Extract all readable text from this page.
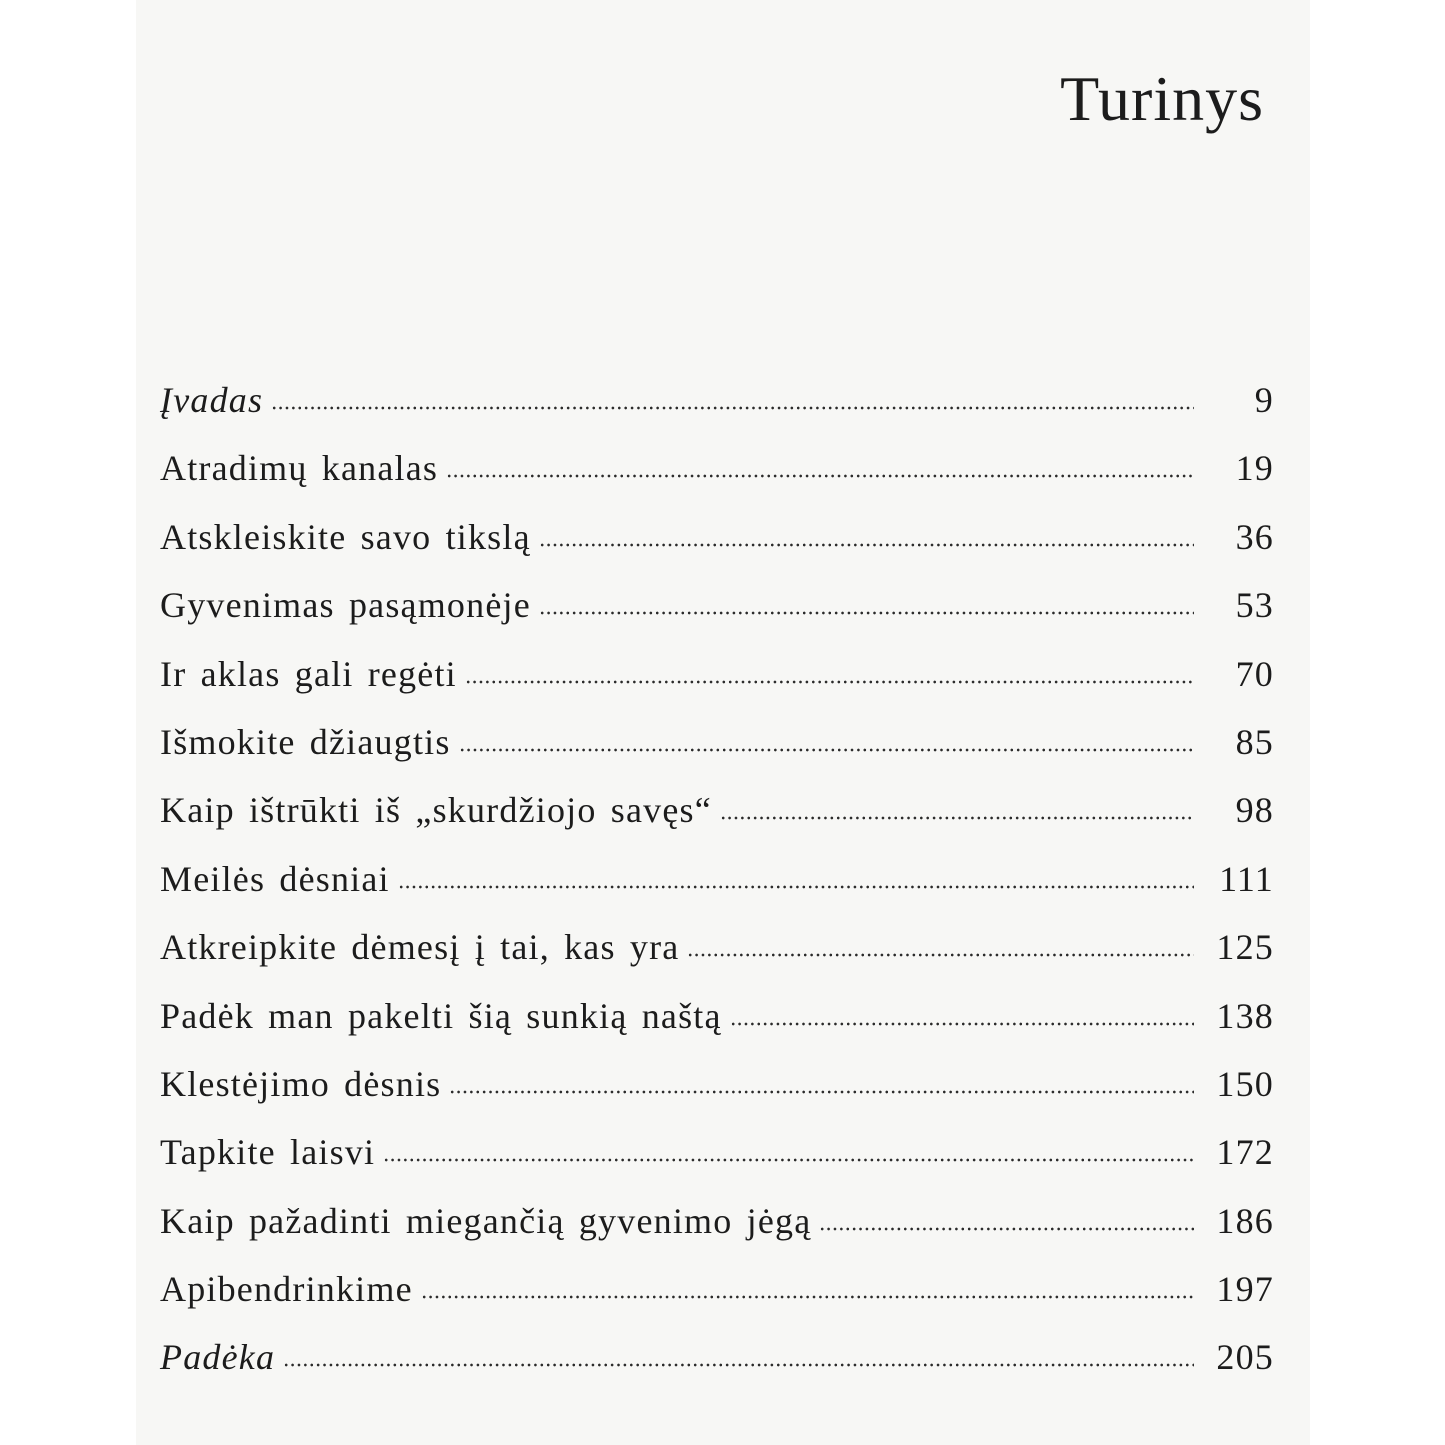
Turinys
Įvadas	9
Atradimų kanalas	19
Atskleiskite savo tikslą	36
Gyvenimas pasąmonėje	53
Ir aklas gali regėti	70
Išmokite džiaugtis	85
Kaip ištrūkti iš „skurdžiojo savęs“	98
Meilės dėsniai	111
Atkreipkite dėmesį į tai, kas yra	125
Padėk man pakelti šią sunkią naštą	138
Klestėjimo dėsnis	150
Tapkite laisvi	172
Kaip pažadinti miegančią gyvenimo jėgą	186
Apibendrinkime	197
Padėka	205
